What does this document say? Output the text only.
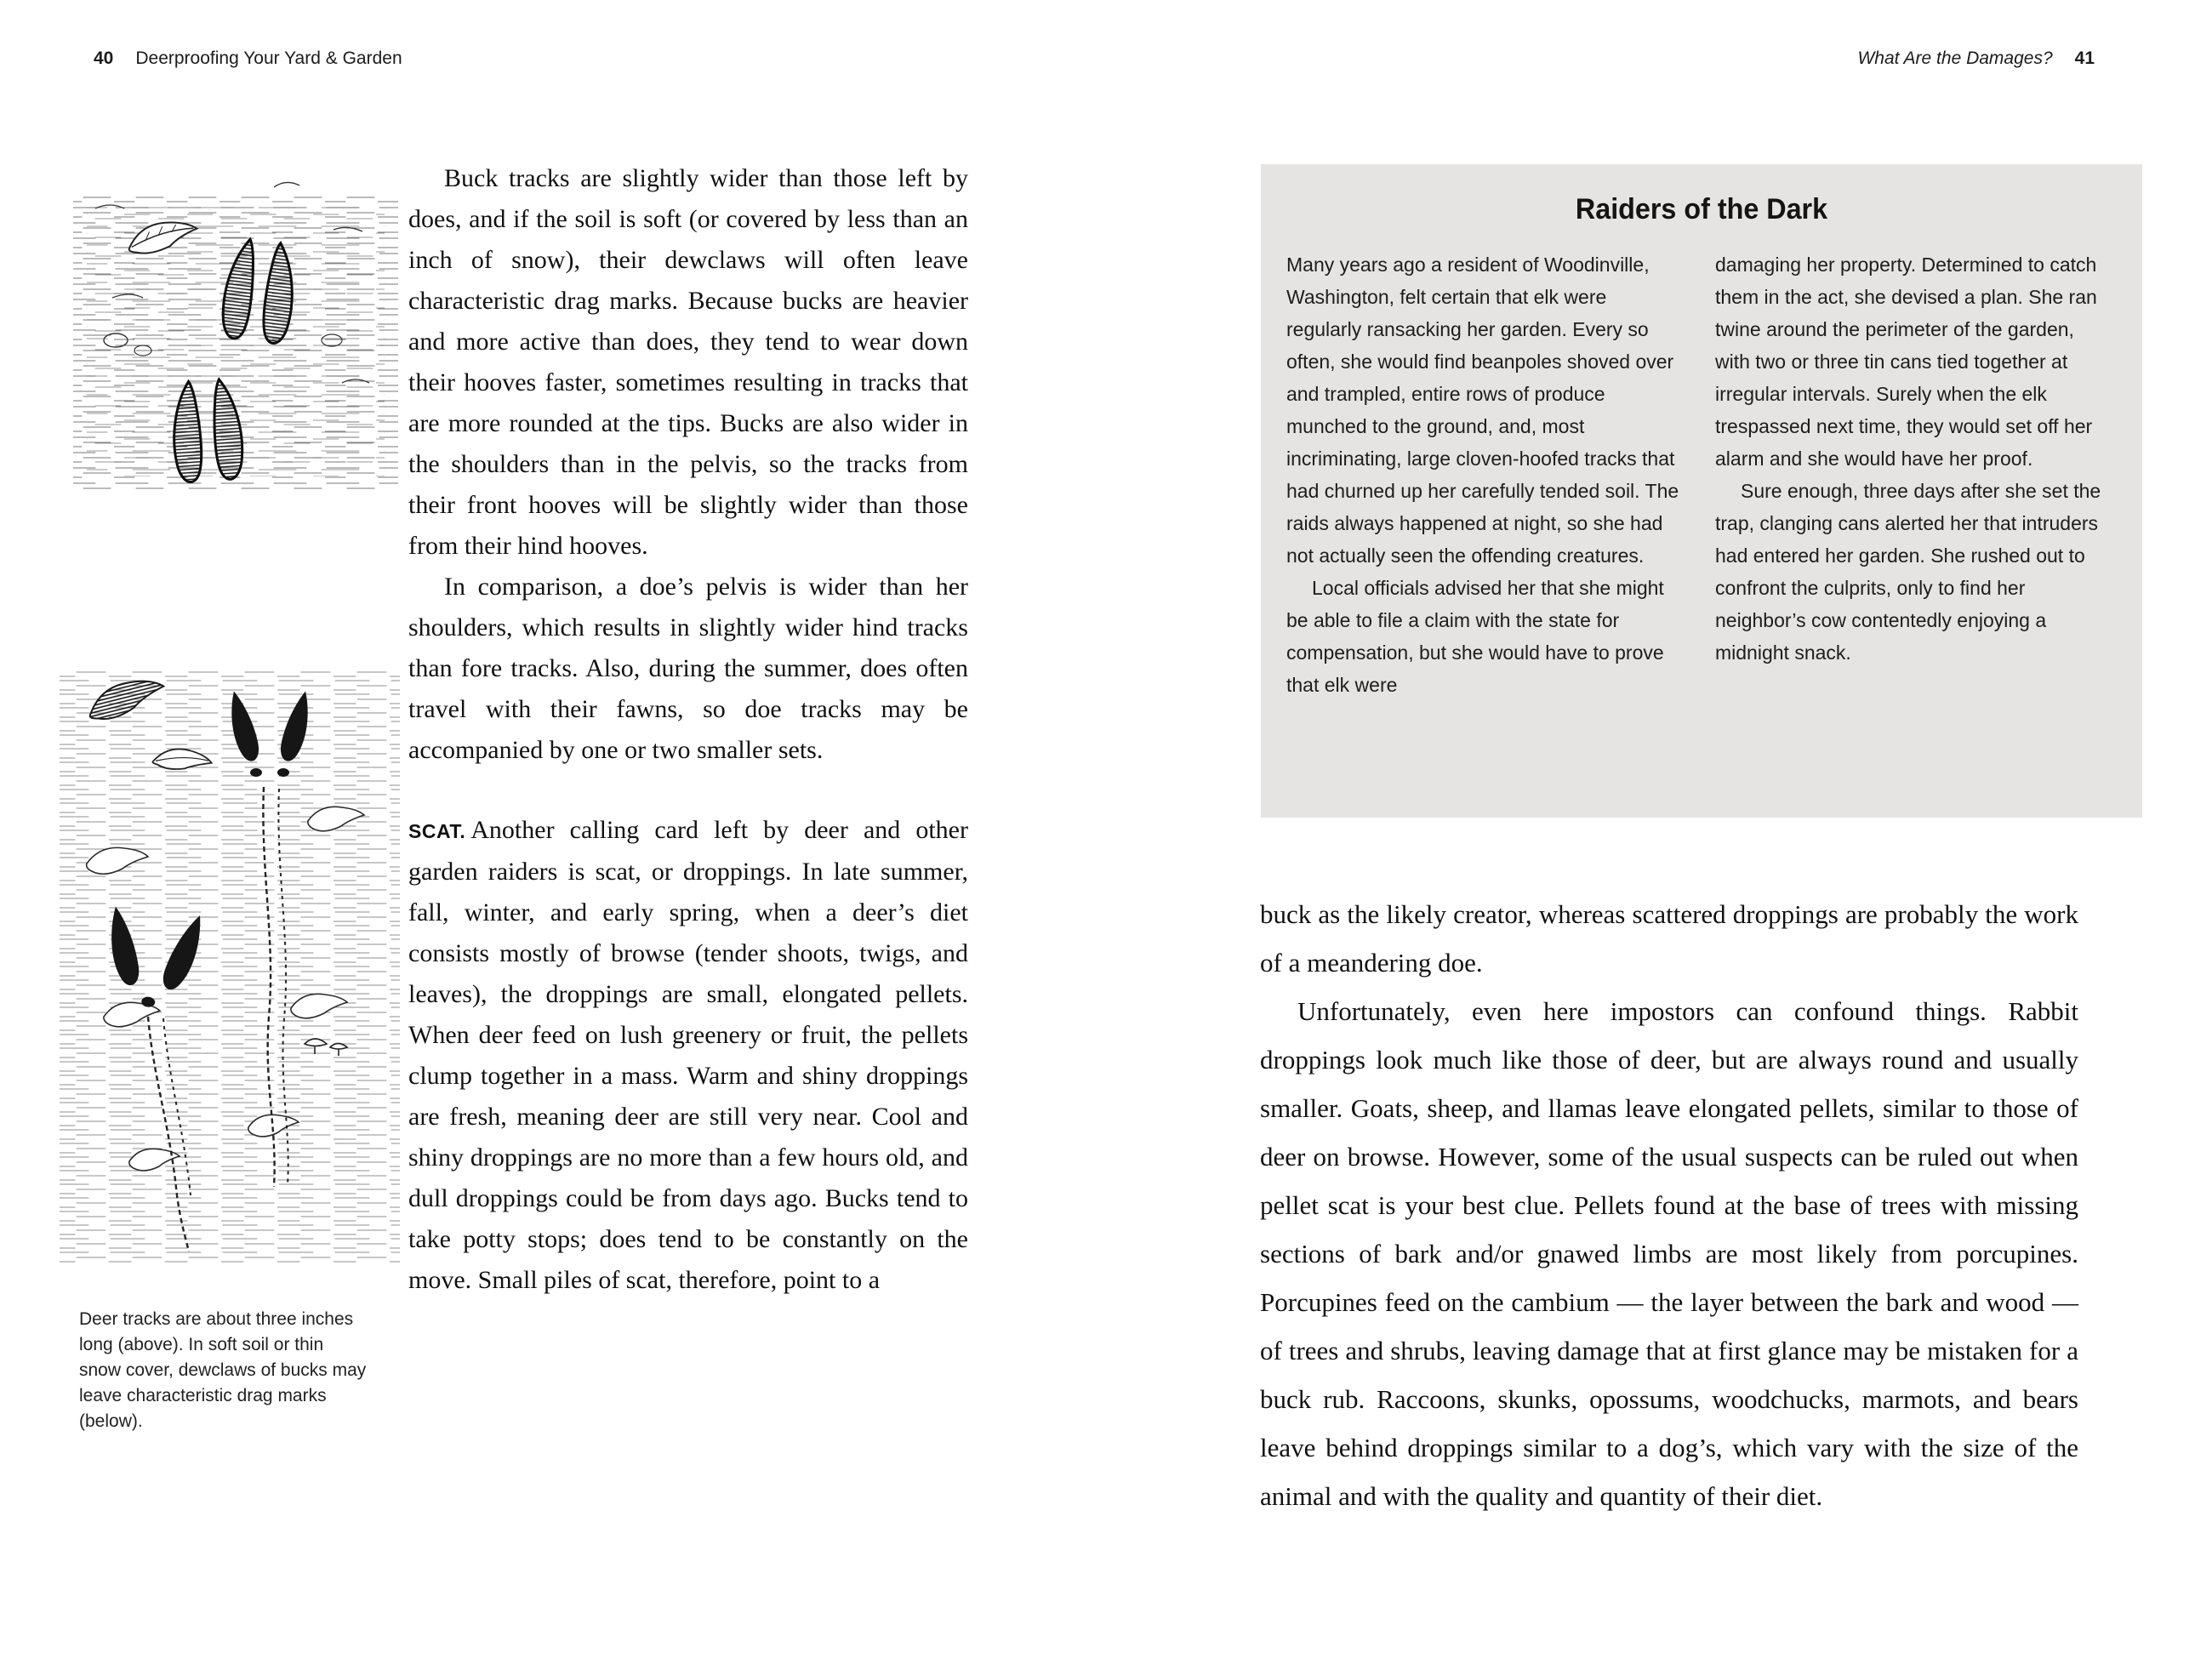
40 Deerproofing Your Yard & Garden	What Are the Damages? 41
Deer tracks are about three inches long (above). In soft soil or thin snow cover, dewclaws of bucks may leave characteristic drag marks (below).

Buck tracks are slightly wider than those left by does, and if the soil is soft (or covered by less than an inch of snow), their dewclaws will often leave characteristic drag marks. Because bucks are heavier and more active than does, they tend to wear down their hooves faster, sometimes resulting in tracks that are more rounded at the tips. Bucks are also wider in the shoulders than in the pelvis, so the tracks from their front hooves will be slightly wider than those from their hind hooves.

In comparison, a doe’s pelvis is wider than her shoulders, which results in slightly wider hind tracks than fore tracks. Also, during the summer, does often travel with their fawns, so doe tracks may be accompanied by one or two smaller sets.

SCAT. Another calling card left by deer and other garden raiders is scat, or droppings. In late summer, fall, winter, and early spring, when a deer’s diet consists mostly of browse (tender shoots, twigs, and leaves), the droppings are small, elongated pellets. When deer feed on lush greenery or fruit, the pellets clump together in a mass. Warm and shiny droppings are fresh, meaning deer are still very near. Cool and shiny droppings are no more than a few hours old, and dull droppings could be from days ago. Bucks tend to take potty stops; does tend to be constantly on the move. Small piles of scat, therefore, point to a

Raiders of the Dark

Many years ago a resident of Woodinville, Washington, felt certain that elk were regularly ransacking her garden. Every so often, she would find beanpoles shoved over and trampled, entire rows of produce munched to the ground, and, most incriminating, large cloven-hoofed tracks that had churned up her carefully tended soil. The raids always happened at night, so she had not actually seen the offending creatures.

Local officials advised her that she might be able to file a claim with the state for compensation, but she would have to prove that elk were

damaging her property. Determined to catch them in the act, she devised a plan. She ran twine around the perimeter of the garden, with two or three tin cans tied together at irregular intervals. Surely when the elk trespassed next time, they would set off her alarm and she would have her proof.

Sure enough, three days after she set the trap, clanging cans alerted her that intruders had entered her garden. She rushed out to confront the culprits, only to find her neighbor’s cow contentedly enjoying a midnight snack.

buck as the likely creator, whereas scattered droppings are probably the work of a meandering doe.

Unfortunately, even here impostors can confound things. Rabbit droppings look much like those of deer, but are always round and usually smaller. Goats, sheep, and llamas leave elongated pellets, similar to those of deer on browse. However, some of the usual suspects can be ruled out when pellet scat is your best clue. Pellets found at the base of trees with missing sections of bark and/or gnawed limbs are most likely from porcupines. Porcupines feed on the cambium — the layer between the bark and wood — of trees and shrubs, leaving damage that at first glance may be mistaken for a buck rub. Raccoons, skunks, opossums, woodchucks, marmots, and bears leave behind droppings similar to a dog’s, which vary with the size of the animal and with the quality and quantity of their diet.
